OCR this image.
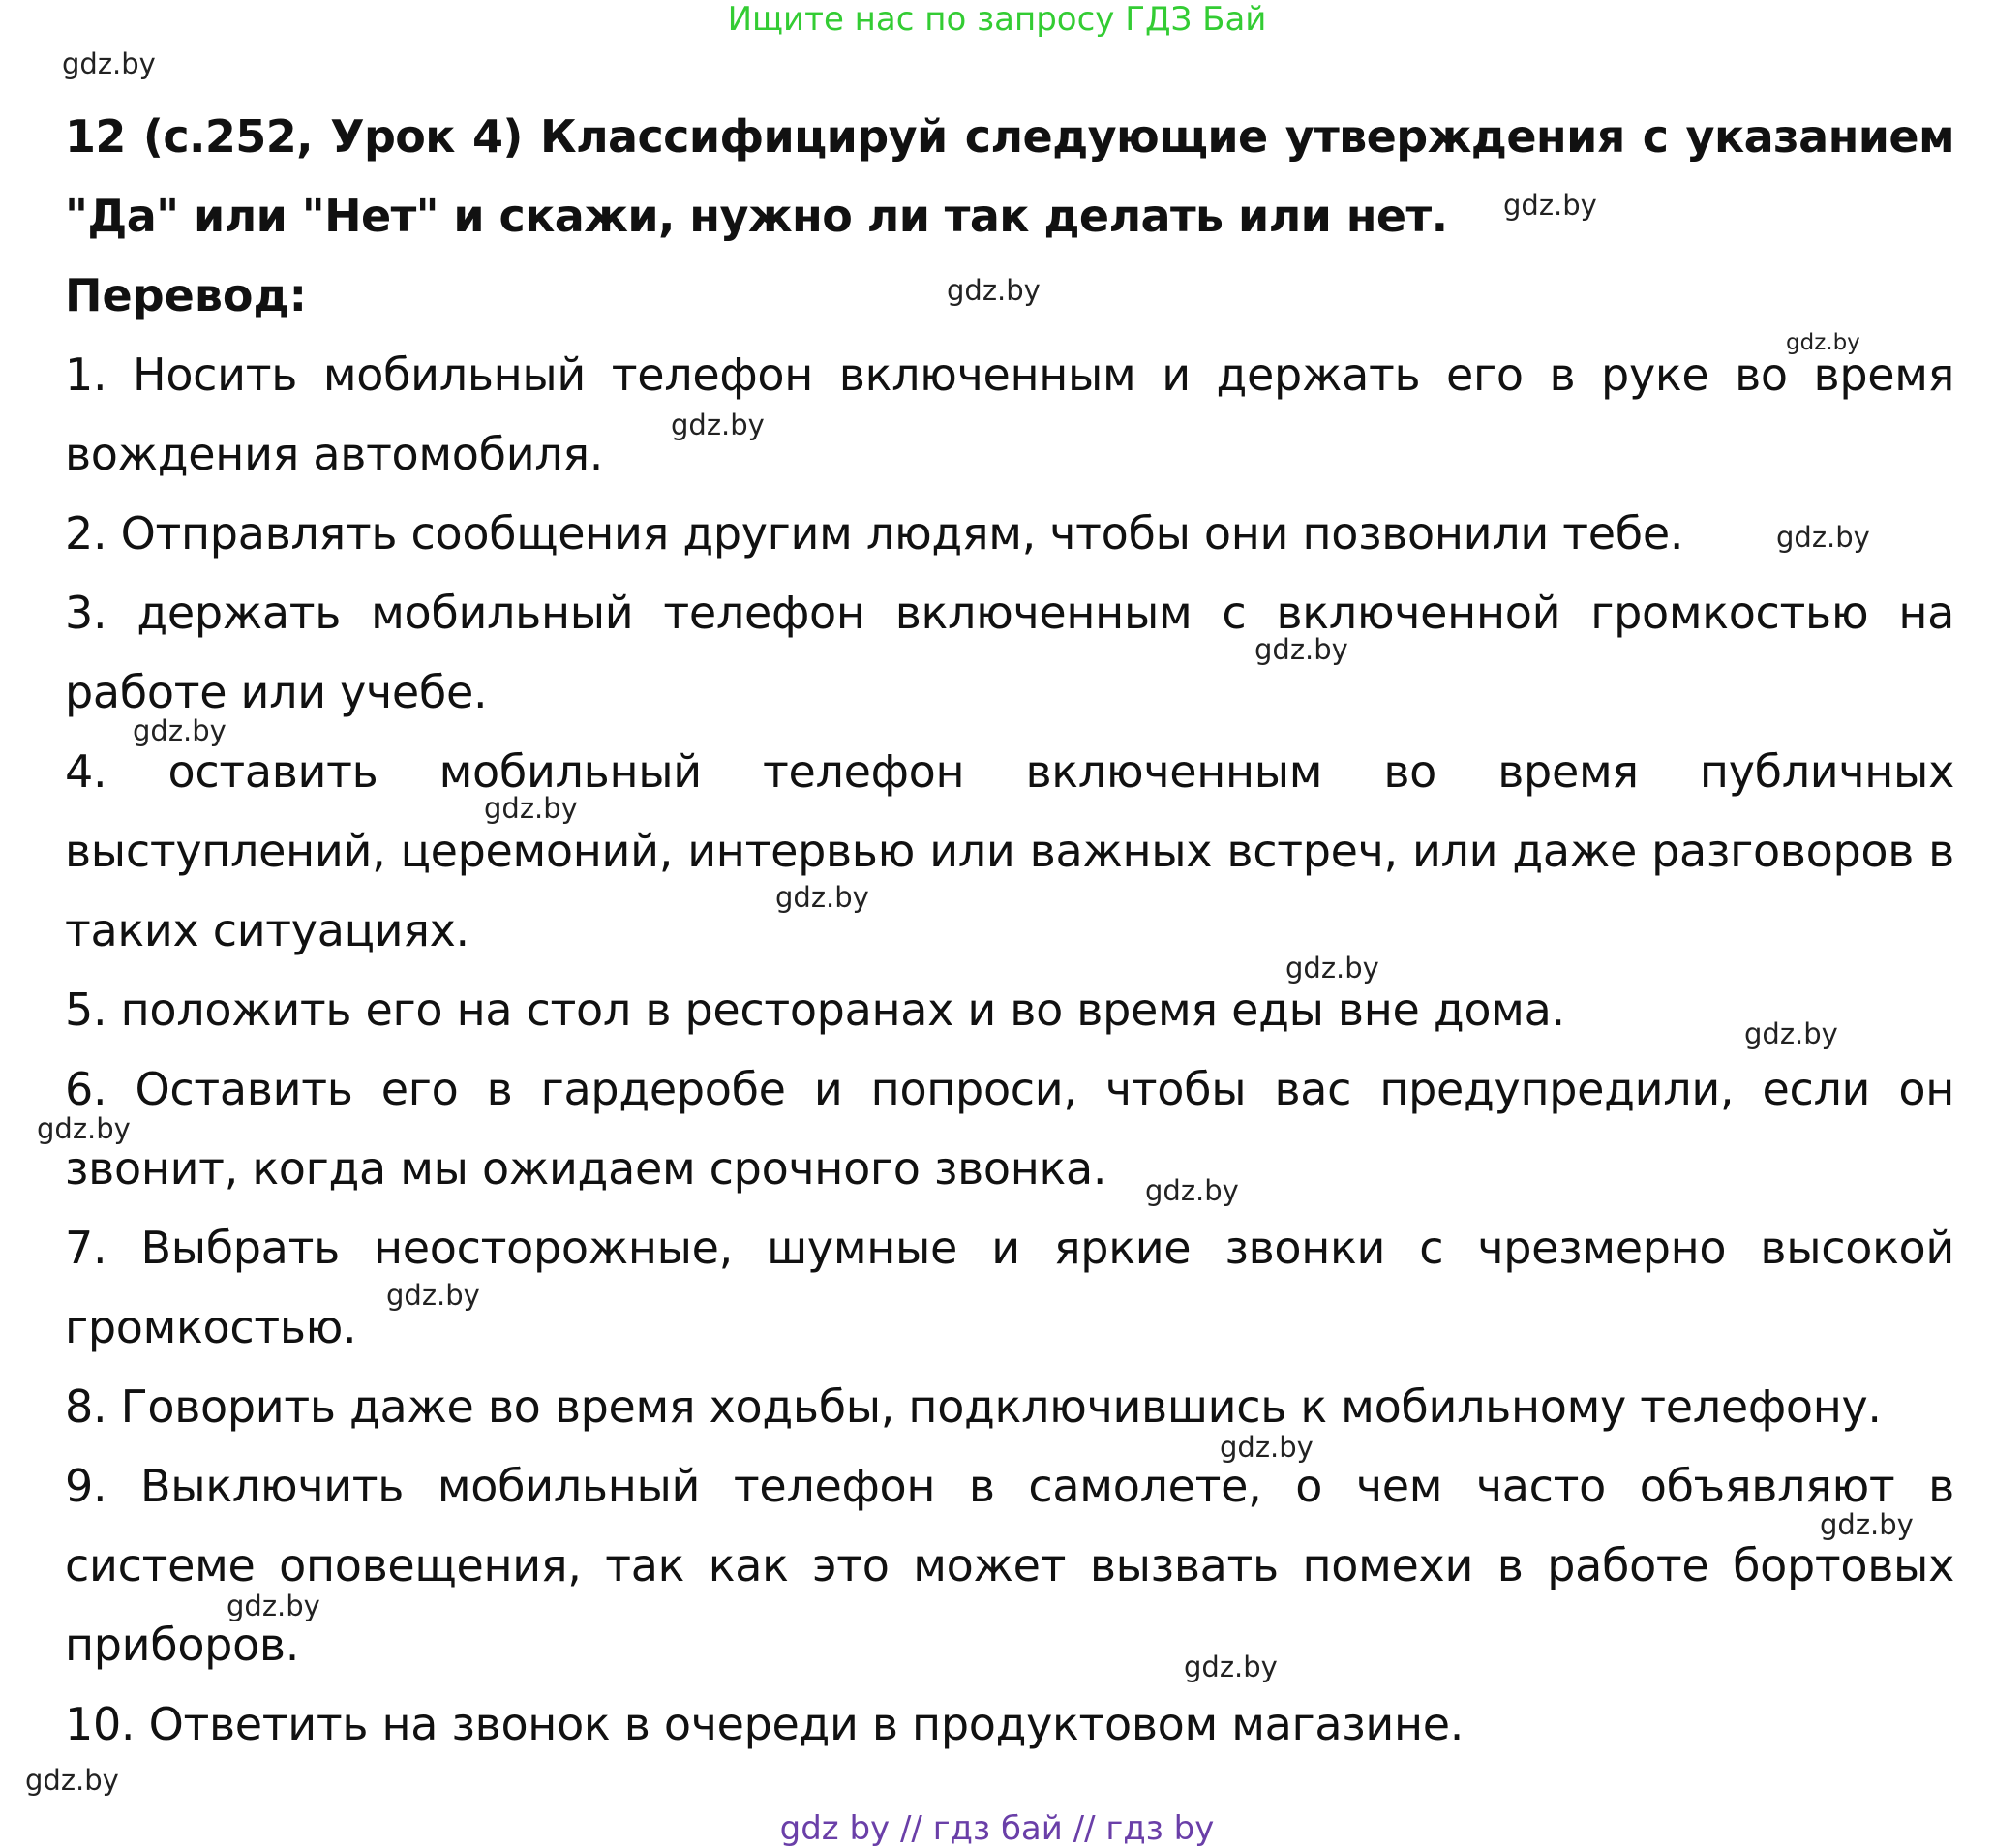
Ищите нас по запросу ГДЗ Бай

12 (с.252, Урок 4) Классифицируй следующие утверждения с указанием "Да" или "Нет" и скажи, нужно ли так делать или нет.

Перевод:

1. Носить мобильный телефон включенным и держать его в руке во время вождения автомобиля.
2. Отправлять сообщения другим людям, чтобы они позвонили тебе.
3. держать мобильный телефон включенным с включенной громкостью на работе или учебе.
4. оставить мобильный телефон включенным во время публичных выступлений, церемоний, интервью или важных встреч, или даже разговоров в таких ситуациях.
5. положить его на стол в ресторанах и во время еды вне дома.
6. Оставить его в гардеробе и попроси, чтобы вас предупредили, если он звонит, когда мы ожидаем срочного звонка.
7. Выбрать неосторожные, шумные и яркие звонки с чрезмерно высокой громкостью.
8. Говорить даже во время ходьбы, подключившись к мобильному телефону.
9. Выключить мобильный телефон в самолете, о чем часто объявляют в системе оповещения, так как это может вызвать помехи в работе бортовых приборов.
10. Ответить на звонок в очереди в продуктовом магазине.
gdz.by
gdz.by
gdz.by
gdz.by
gdz.by
gdz.by
gdz.by
gdz.by
gdz.by
gdz.by
gdz.by
gdz.by
gdz.by
gdz.by
gdz.by
gdz.by
gdz.by
gdz.by
gdz.by
gdz.by
gdz by // гдз бай // гдз by
